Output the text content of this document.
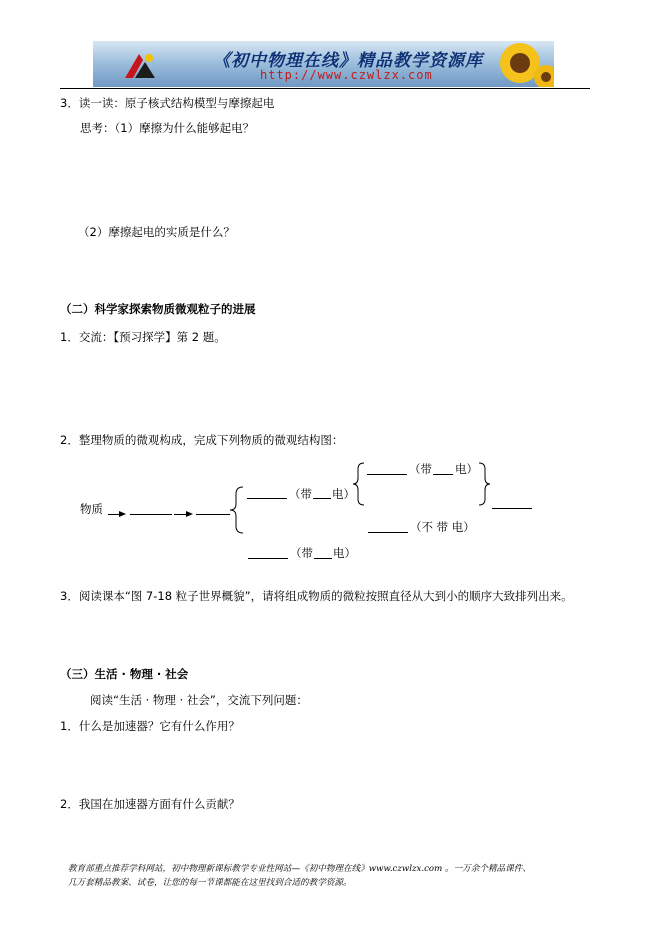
《初中物理在线》精品教学资源库
http://www.czwlzx.com
3．读一读：原子核式结构模型与摩擦起电
思考：（1）摩擦为什么能够起电？
（2）摩擦起电的实质是什么？
（二）科学家探索物质微观粒子的进展
1．交流：【预习探学】第 2 题。
2．整理物质的微观构成，完成下列物质的微观结构图：
物质
（带 电）
（带 电）
（不 带 电）
（带 电）
3．阅读课本“图 7-18 粒子世界概貌”，请将组成物质的微粒按照直径从大到小的顺序大致排列出来。
（三）生活 · 物理 · 社会
阅读“生活 · 物理 · 社会”，交流下列问题：
1．什么是加速器？它有什么作用？
2．我国在加速器方面有什么贡献？
教育部重点推荐学科网站，初中物理新课标教学专业性网站—《初中物理在线》www.czwlzx.com 。一万余个精品课件、
几万套精品教案、试卷，让您的每一节课都能在这里找到合适的教学资源。
